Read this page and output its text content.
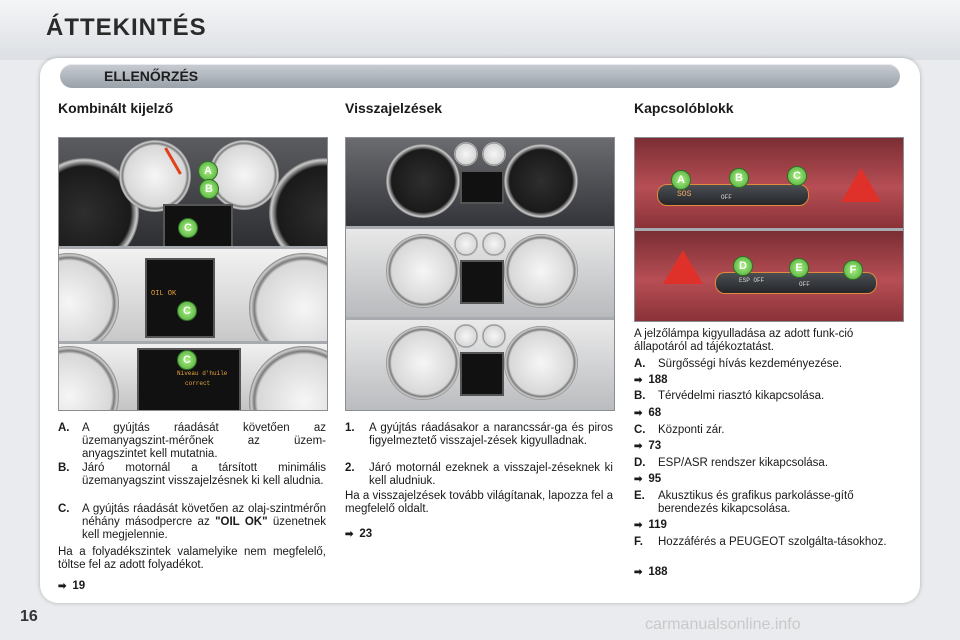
ÁTTEKINTÉS
ELLENŐRZÉS
Kombinált kijelző	Visszajelzések	Kapcsolóblokk
A
B
C
OIL OK
C
Niveau d'huile
correct
C
SOS	OFF
A	B	C
ESP OFF
OFF
D	E	F
A. A gyújtás ráadását követően az üzemanyagszint-mérőnek az üzem-anyagszintet kell mutatnia.
B. Járó motornál a társított minimális üzemanyagszint visszajelzésnek ki kell aludnia.
C. A gyújtás ráadását követően az olaj-szintmérőn néhány másodpercre az "OIL OK" üzenetnek kell megjelennie.
Ha a folyadékszintek valamelyike nem megfelelő, töltse fel az adott folyadékot.
➡ 19
1. A gyújtás ráadásakor a narancssár-ga és piros figyelmeztető visszajel-zések kigyulladnak.
2. Járó motornál ezeknek a visszajel-zéseknek ki kell aludniuk.
Ha a visszajelzések tovább világítanak, lapozza fel a megfelelő oldalt.
➡ 23
A jelzőlámpa kigyulladása az adott funk-ció állapotáról ad tájékoztatást.
A. Sürgősségi hívás kezdeményezése.
➡ 188
B. Térvédelmi riasztó kikapcsolása.
➡ 68
C. Központi zár.
➡ 73
D. ESP/ASR rendszer kikapcsolása.
➡ 95
E. Akusztikus és grafikus parkolásse-gítő berendezés kikapcsolása.
➡ 119
F. Hozzáférés a PEUGEOT szolgálta-tásokhoz.
➡ 188
16	carmanualsonline.info
